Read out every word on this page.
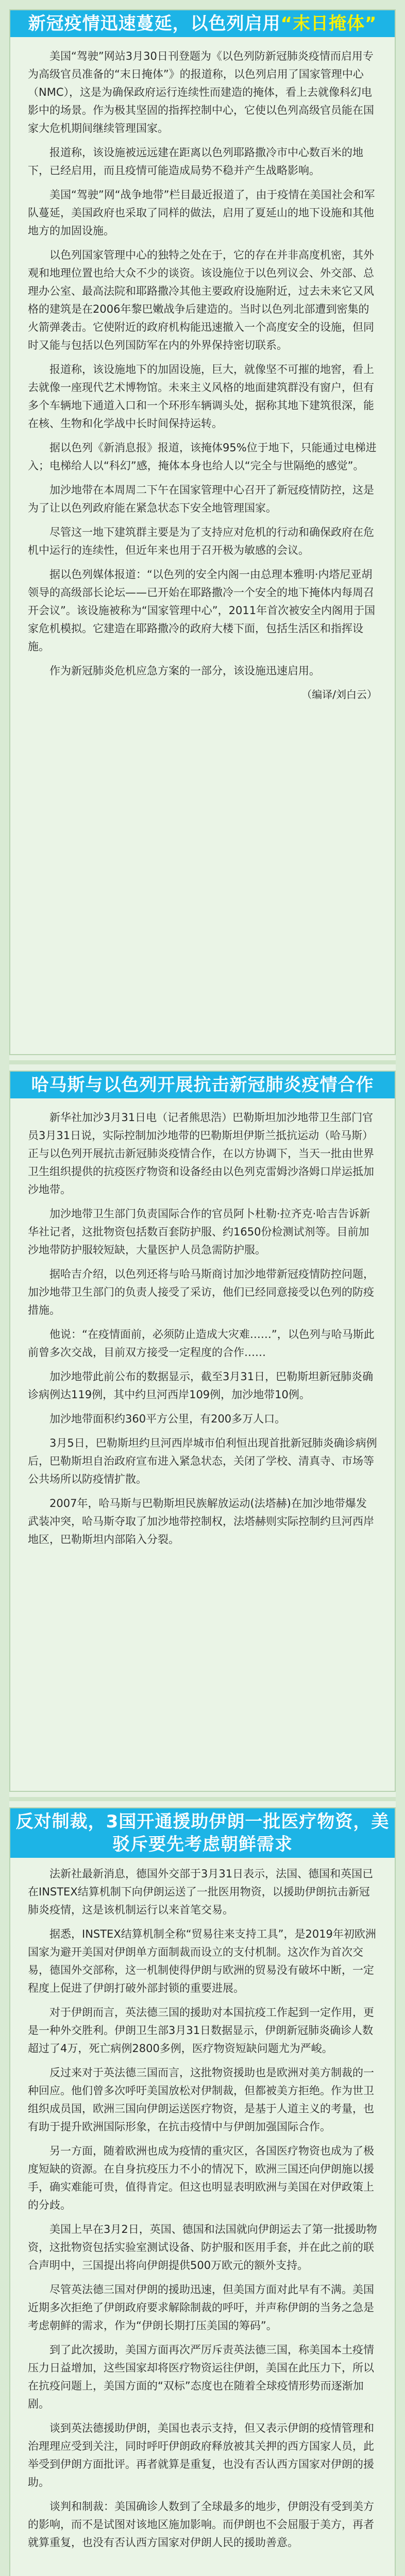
新冠疫情迅速蔓延，以色列启用“末日掩体”

美国“驾驶”网站3月30日刊登题为《以色列防新冠肺炎疫情而启用专为高级官员准备的“末日掩体”》的报道称，以色列启用了国家管理中心（NMC），这是为确保政府运行连续性而建造的掩体，看上去就像科幻电影中的场景。作为极其坚固的指挥控制中心，它使以色列高级官员能在国家大危机期间继续管理国家。

报道称，该设施被远远建在距离以色列耶路撒冷市中心数百米的地下，已经启用，而且疫情可能造成局势不稳并产生战略影响。

美国“驾驶”网“战争地带”栏目最近报道了，由于疫情在美国社会和军队蔓延，美国政府也采取了同样的做法，启用了夏延山的地下设施和其他地方的加固设施。

以色列国家管理中心的独特之处在于，它的存在并非高度机密，其外观和地理位置也给大众不少的谈资。该设施位于以色列议会、外交部、总理办公室、最高法院和耶路撒冷其他主要政府设施附近，过去未来它又风格的建筑是在2006年黎巴嫩战争后建造的。当时以色列北部遭到密集的火箭弹袭击。它使附近的政府机构能迅速撤入一个高度安全的设施，但同时又能与包括以色列国防军在内的外界保持密切联系。

报道称，该设施地下的加固设施，巨大，就像坚不可摧的地窖，看上去就像一座现代艺术博物馆。未来主义风格的地面建筑群没有窗户，但有多个车辆地下通道入口和一个环形车辆调头处，据称其地下建筑很深，能在核、生物和化学战中长时间保持运转。

据以色列《新消息报》报道，该掩体95%位于地下，只能通过电梯进入；电梯给人以“科幻”感，掩体本身也给人以“完全与世隔绝的感觉”。

加沙地带在本周周二下午在国家管理中心召开了新冠疫情防控，这是为了让以色列政府能在紧急状态下安全地管理国家。

尽管这一地下建筑群主要是为了支持应对危机的行动和确保政府在危机中运行的连续性，但近年来也用于召开极为敏感的会议。

据以色列媒体报道：“以色列的安全内阁一由总理本雅明·内塔尼亚胡领导的高级部长论坛——已开始在耶路撒冷一个安全的地下掩体内每周召开会议”。该设施被称为“国家管理中心”，2011年首次被安全内阁用于国家危机模拟。它建造在耶路撒冷的政府大楼下面，包括生活区和指挥设施。

作为新冠肺炎危机应急方案的一部分，该设施迅速启用。

（编译/刘白云）
哈马斯与以色列开展抗击新冠肺炎疫情合作

新华社加沙3月31日电（记者熊思浩）巴勒斯坦加沙地带卫生部门官员3月31日说，实际控制加沙地带的巴勒斯坦伊斯兰抵抗运动（哈马斯）正与以色列开展抗击新冠肺炎疫情合作，在以方协调下，当天一批由世界卫生组织提供的抗疫医疗物资和设备经由以色列克雷姆沙洛姆口岸运抵加沙地带。

加沙地带卫生部门负责国际合作的官员阿卜杜勒·拉齐克·哈吉告诉新华社记者，这批物资包括数百套防护服、约1650份检测试剂等。目前加沙地带防护服较短缺，大量医护人员急需防护服。

据哈吉介绍，以色列还将与哈马斯商讨加沙地带新冠疫情防控问题，加沙地带卫生部门的负责人接受了采访，他们已经同意接受以色列的防疫措施。

他说：“在疫情面前，必须防止造成大灾难……”，以色列与哈马斯此前曾多次交战，目前双方接受一定程度的合作……

加沙地带此前公布的数据显示，截至3月31日，巴勒斯坦新冠肺炎确诊病例达119例，其中约旦河西岸109例，加沙地带10例。

加沙地带面积约360平方公里，有200多万人口。

3月5日，巴勒斯坦约旦河西岸城市伯利恒出现首批新冠肺炎确诊病例后，巴勒斯坦自治政府宣布进入紧急状态，关闭了学校、清真寺、市场等公共场所以防疫情扩散。

2007年，哈马斯与巴勒斯坦民族解放运动(法塔赫)在加沙地带爆发武装冲突，哈马斯夺取了加沙地带控制权，法塔赫则实际控制约旦河西岸地区，巴勒斯坦内部陷入分裂。

反对制裁，3国开通援助伊朗一批医疗物资，美驳斥要先考虑朝鲜需求

法新社最新消息，德国外交部于3月31日表示，法国、德国和英国已在INSTEX结算机制下向伊朗运送了一批医用物资，以援助伊朗抗击新冠肺炎疫情，这是该机制运行以来首笔交易。

据悉，INSTEX结算机制全称“贸易往来支持工具”，是2019年初欧洲国家为避开美国对伊朗单方面制裁而设立的支付机制。这次作为首次交易，德国外交部称，这一机制使得伊朗与欧洲的贸易没有破坏中断，一定程度上促进了伊朗打破外部封锁的重要进展。

对于伊朗而言，英法德三国的援助对本国抗疫工作起到一定作用，更是一种外交胜利。伊朗卫生部3月31日数据显示，伊朗新冠肺炎确诊人数超过了4万，死亡病例2800多例，医疗物资短缺问题尤为严峻。

反过来对于英法德三国而言，这批物资援助也是欧洲对美方制裁的一种回应。他们曾多次呼吁美国放松对伊制裁，但都被美方拒绝。作为世卫组织成员国，欧洲三国向伊朗运送医疗物资，是基于人道主义的考量，也有助于提升欧洲国际形象，在抗击疫情中与伊朗加强国际合作。

另一方面，随着欧洲也成为疫情的重灾区，各国医疗物资也成为了极度短缺的资源。在自身抗疫压力不小的情况下，欧洲三国还向伊朗施以援手，确实难能可贵，值得肯定。但这也明显表明欧洲与美国在对伊政策上的分歧。

美国上早在3月2日，英国、德国和法国就向伊朗运去了第一批援助物资，这批物资包括实验室测试设备、防护服和医用手套，并在此之前的联合声明中，三国提出将向伊朗提供500万欧元的额外支持。

尽管英法德三国对伊朗的援助迅速，但美国方面对此早有不满。美国近期多次拒绝了伊朗政府要求解除制裁的呼吁，并声称伊朗的当务之急是考虑朝鲜的需求，作为“伊朗长期打压美国的筹码”。

到了此次援助，美国方面再次严厉斥责英法德三国，称美国本土疫情压力日益增加，这些国家却将医疗物资运往伊朗，美国在此压力下，所以在抗疫问题上，美国方面的“双标”态度也在随着全球疫情形势而逐渐加剧。

谈到英法德援助伊朗，美国也表示支持，但又表示伊朗的疫情管理和治理理应受到关注，同时呼吁伊朗政府释放被其关押的西方国家人员，此举受到伊朗方面批评。再者就算是重复，也没有否认西方国家对伊朗的援助。

谈判和制裁：美国确诊人数到了全球最多的地步，伊朗没有受到美方的影响，而不是试图对该地区施加影响。而伊朗也不会屈服于美方，再者就算重复，也没有否认西方国家对伊朗人民的援助善意。
